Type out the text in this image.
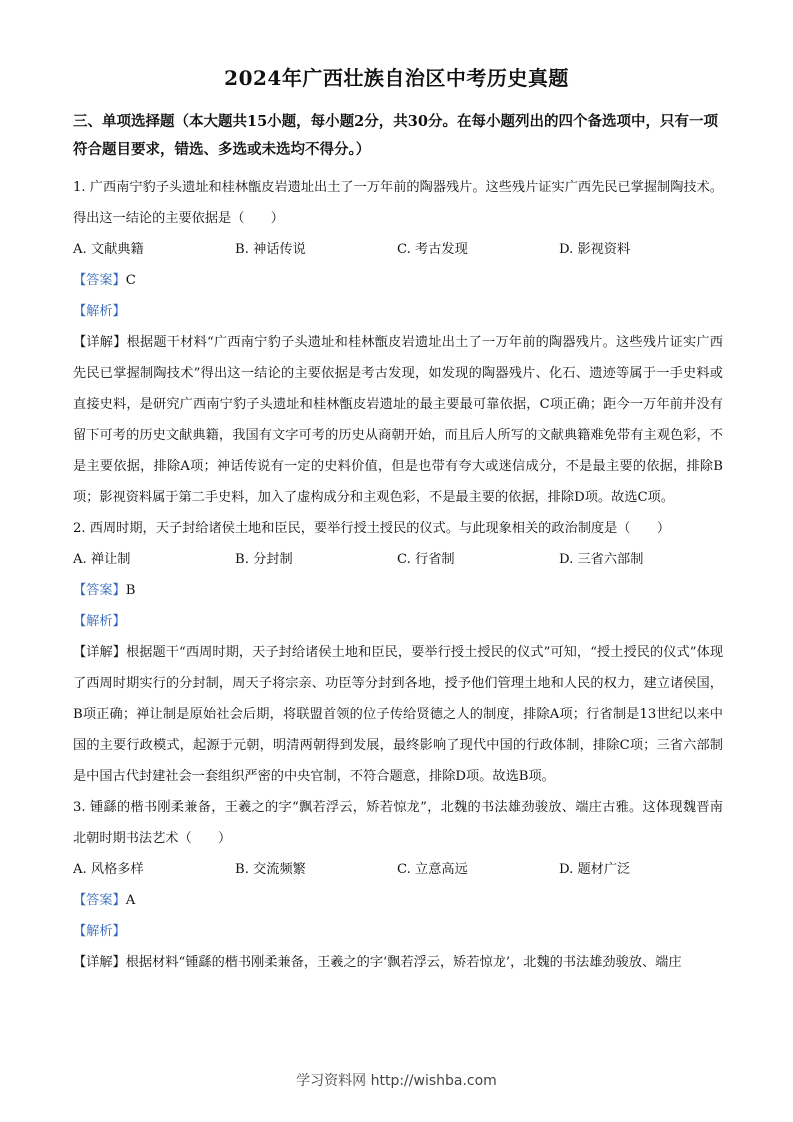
2024年广西壮族自治区中考历史真题

三、单项选择题（本大题共15小题，每小题2分，共30分。在每小题列出的四个备选项中，只有一项符合题目要求，错选、多选或未选均不得分。）

1. 广西南宁豹子头遗址和桂林甑皮岩遗址出土了一万年前的陶器残片。这些残片证实广西先民已掌握制陶技术。得出这一结论的主要依据是（　　）

A. 文献典籍	B. 神话传说	C. 考古发现	D. 影视资料

【答案】C

【解析】

【详解】根据题干材料“广西南宁豹子头遗址和桂林甑皮岩遗址出土了一万年前的陶器残片。这些残片证实广西先民已掌握制陶技术”得出这一结论的主要依据是考古发现，如发现的陶器残片、化石、遗迹等属于一手史料或直接史料，是研究广西南宁豹子头遗址和桂林甑皮岩遗址的最主要最可靠依据，C项正确；距今一万年前并没有留下可考的历史文献典籍，我国有文字可考的历史从商朝开始，而且后人所写的文献典籍难免带有主观色彩，不是主要依据，排除A项；神话传说有一定的史料价值，但是也带有夸大或迷信成分，不是最主要的依据，排除B项；影视资料属于第二手史料，加入了虚构成分和主观色彩，不是最主要的依据，排除D项。故选C项。

2. 西周时期，天子封给诸侯土地和臣民，要举行授土授民的仪式。与此现象相关的政治制度是（　　）

A. 禅让制	B. 分封制	C. 行省制	D. 三省六部制

【答案】B

【解析】

【详解】根据题干“西周时期，天子封给诸侯土地和臣民，要举行授土授民的仪式”可知，“授土授民的仪式”体现了西周时期实行的分封制，周天子将宗亲、功臣等分封到各地，授予他们管理土地和人民的权力，建立诸侯国， B项正确；禅让制是原始社会后期，将联盟首领的位子传给贤德之人的制度，排除A项；行省制是13世纪以来中国的主要行政模式，起源于元朝，明清两朝得到发展，最终影响了现代中国的行政体制，排除C项；三省六部制是中国古代封建社会一套组织严密的中央官制，不符合题意，排除D项。故选B项。

3. 锺繇的楷书刚柔兼备，王羲之的字“飘若浮云，矫若惊龙”，北魏的书法雄劲骏放、端庄古雅。这体现魏晋南北朝时期书法艺术（　　）

A. 风格多样	B. 交流频繁	C. 立意高远	D. 题材广泛

【答案】A

【解析】

【详解】根据材料“锺繇的楷书刚柔兼备，王羲之的字‘飘若浮云，矫若惊龙’，北魏的书法雄劲骏放、端庄

学习资料网 http://wishba.com
